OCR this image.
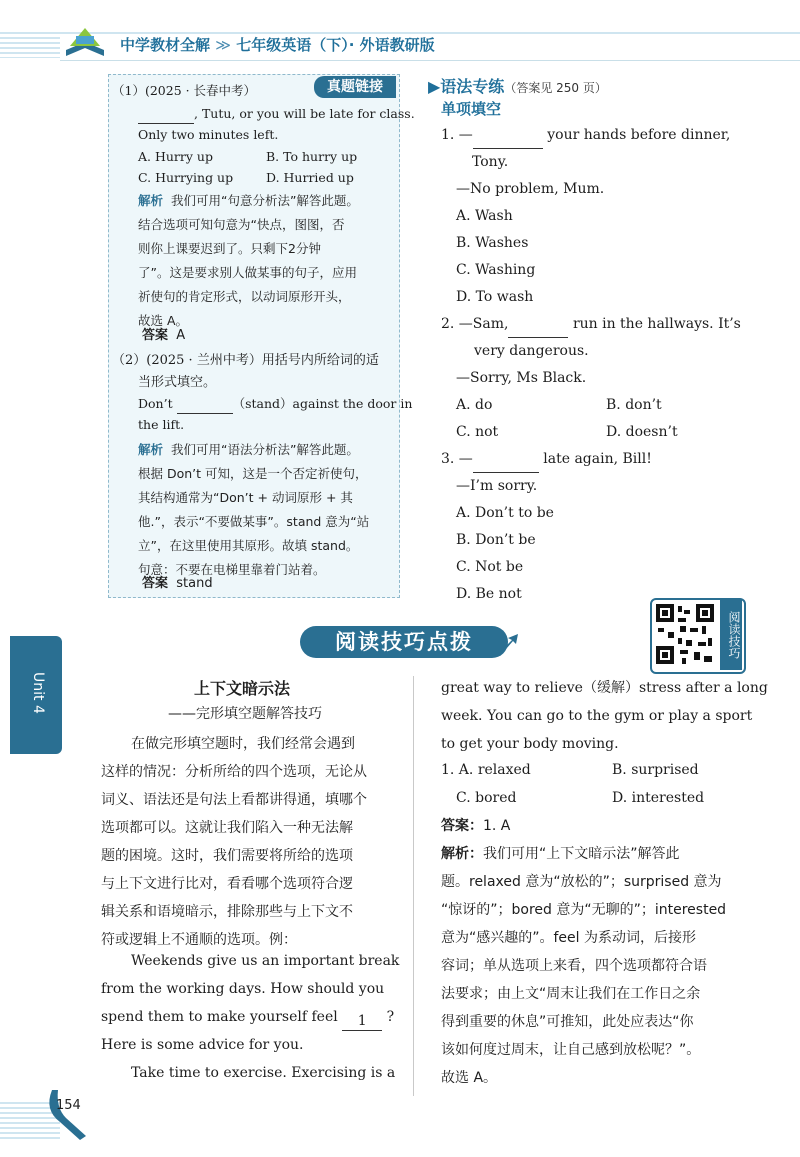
中学教材全解 ≫ 七年级英语（下）· 外语教研版
真题链接
（1）(2025 · 长春中考）
, Tutu, or you will be late for class.
Only two minutes left.
A. Hurry up	B. To hurry up
C. Hurrying up	D. Hurried up
解析 我们可用“句意分析法”解答此题。
结合选项可知句意为“快点，图图，否
则你上课要迟到了。只剩下2分钟
了”。这是要求别人做某事的句子，应用
祈使句的肯定形式，以动词原形开头，
故选 A。
答案 A
（2）(2025 · 兰州中考）用括号内所给词的适
当形式填空。
Don’t	（stand）against the door in
the lift.
解析 我们可用“语法分析法”解答此题。
根据 Don’t 可知，这是一个否定祈使句，
其结构通常为“Don’t + 动词原形 + 其
他.”，表示“不要做某事”。stand 意为“站
立”，在这里使用其原形。故填 stand。
句意：不要在电梯里靠着门站着。
答案 stand
▶语法专练（答案见 250 页）
单项填空
1. —	your hands before dinner,
Tony.
—No problem, Mum.
A. Wash
B. Washes
C. Washing
D. To wash
2. —Sam,	run in the hallways. It’s
very dangerous.
—Sorry, Ms Black.
A. do	B. don’t
C. not	D. doesn’t
3. —	late again, Bill!
—I’m sorry.
A. Don’t to be
B. Don’t be
C. Not be
D. Be not
阅读技巧点拨	阅读技巧
Unit 4	上下文暗示法
——完形填空题解答技巧
在做完形填空题时，我们经常会遇到
这样的情况：分析所给的四个选项，无论从
词义、语法还是句法上看都讲得通，填哪个
选项都可以。这就让我们陷入一种无法解
题的困境。这时，我们需要将所给的选项
与上下文进行比对，看看哪个选项符合逻
辑关系和语境暗示，排除那些与上下文不
符或逻辑上不通顺的选项。例：
Weekends give us an important break
from the working days. How should you
spend them to make yourself feel 1 ?
Here is some advice for you.
Take time to exercise. Exercising is a
great way to relieve（缓解）stress after a long
week. You can go to the gym or play a sport
to get your body moving.
1. A. relaxed	B. surprised
C. bored	D. interested
答案：1. A
解析：我们可用“上下文暗示法”解答此
题。relaxed 意为“放松的”；surprised 意为
“惊讶的”；bored 意为“无聊的”；interested
意为“感兴趣的”。feel 为系动词，后接形
容词；单从选项上来看，四个选项都符合语
法要求；由上文“周末让我们在工作日之余
得到重要的休息”可推知，此处应表达“你
该如何度过周末，让自己感到放松呢？”。
故选 A。
154
